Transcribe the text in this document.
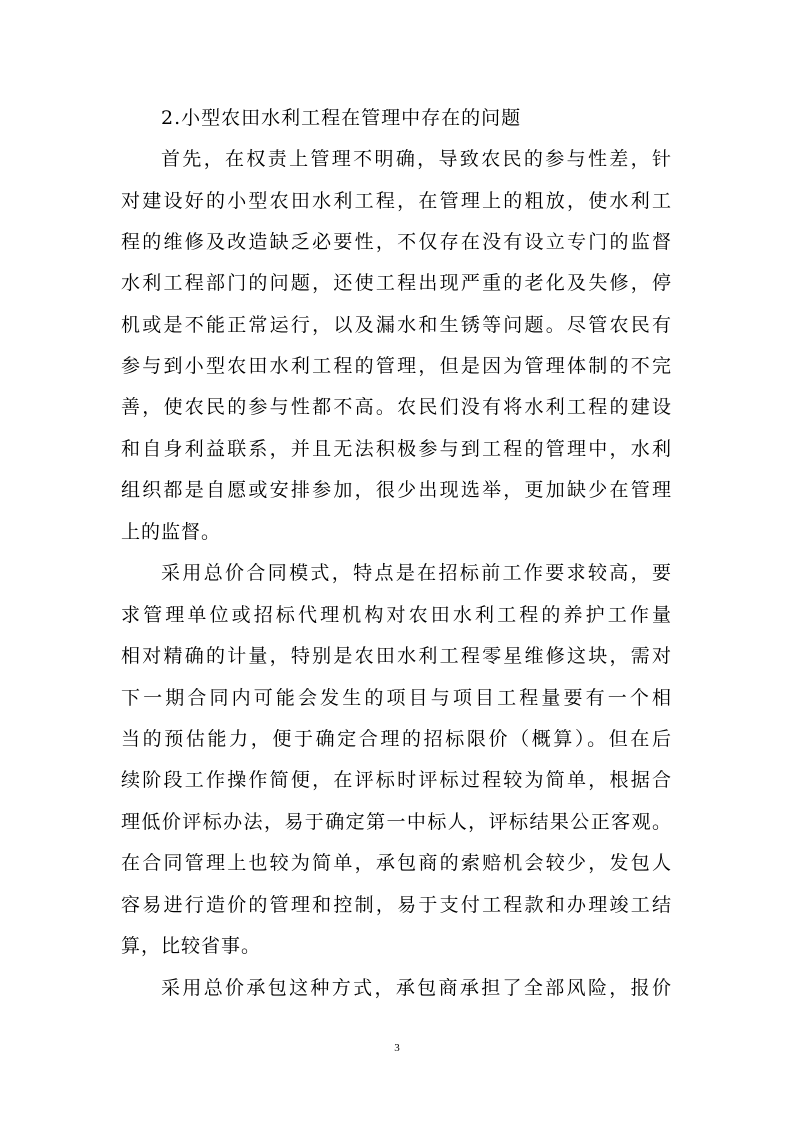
2.小型农田水利工程在管理中存在的问题
首先，在权责上管理不明确，导致农民的参与性差，针
对建设好的小型农田水利工程，在管理上的粗放，使水利工
程的维修及改造缺乏必要性，不仅存在没有设立专门的监督
水利工程部门的问题，还使工程出现严重的老化及失修，停
机或是不能正常运行，以及漏水和生锈等问题。尽管农民有
参与到小型农田水利工程的管理，但是因为管理体制的不完
善，使农民的参与性都不高。农民们没有将水利工程的建设
和自身利益联系，并且无法积极参与到工程的管理中，水利
组织都是自愿或安排参加，很少出现选举，更加缺少在管理
上的监督。
采用总价合同模式，特点是在招标前工作要求较高，要
求管理单位或招标代理机构对农田水利工程的养护工作量
相对精确的计量，特别是农田水利工程零星维修这块，需对
下一期合同内可能会发生的项目与项目工程量要有一个相
当的预估能力，便于确定合理的招标限价（概算）。但在后
续阶段工作操作简便，在评标时评标过程较为简单，根据合
理低价评标办法，易于确定第一中标人，评标结果公正客观。
在合同管理上也较为简单，承包商的索赔机会较少，发包人
容易进行造价的管理和控制，易于支付工程款和办理竣工结
算，比较省事。
采用总价承包这种方式，承包商承担了全部风险，报价
3
